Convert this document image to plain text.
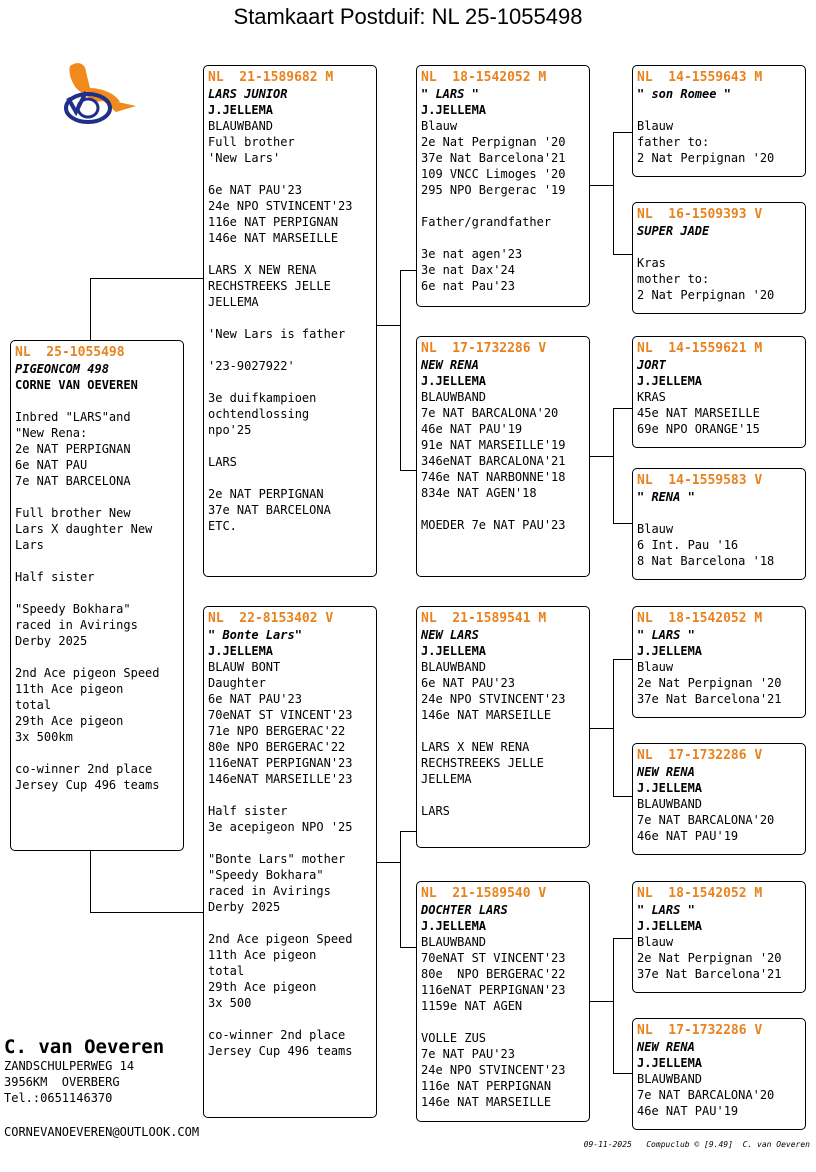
Stamkaart Postduif: NL 25-1055498
NL  25-1055498
PIGEONCOM 498
CORNE VAN OEVEREN

Inbred "LARS"and
"New Rena:
2e NAT PERPIGNAN
6e NAT PAU
7e NAT BARCELONA

Full brother New
Lars X daughter New
Lars

Half sister

"Speedy Bokhara"
raced in Avirings
Derby 2025

2nd Ace pigeon Speed
11th Ace pigeon
total
29th Ace pigeon
3x 500km

co-winner 2nd place
Jersey Cup 496 teams
NL  21-1589682 M
LARS JUNIOR
J.JELLEMA
BLAUWBAND
Full brother
'New Lars'

6e NAT PAU'23
24e NPO STVINCENT'23
116e NAT PERPIGNAN
146e NAT MARSEILLE

LARS X NEW RENA
RECHSTREEKS JELLE
JELLEMA

'New Lars is father

'23-9027922'

3e duifkampioen
ochtendlossing
npo'25

LARS

2e NAT PERPIGNAN
37e NAT BARCELONA
ETC.
NL  22-8153402 V
" Bonte Lars"
J.JELLEMA
BLAUW BONT
Daughter
6e NAT PAU'23
70eNAT ST VINCENT'23
71e NPO BERGERAC'22
80e NPO BERGERAC'22
116eNAT PERPIGNAN'23
146eNAT MARSEILLE'23

Half sister
3e acepigeon NPO '25

"Bonte Lars" mother
"Speedy Bokhara"
raced in Avirings
Derby 2025

2nd Ace pigeon Speed
11th Ace pigeon
total
29th Ace pigeon
3x 500

co-winner 2nd place
Jersey Cup 496 teams
NL  18-1542052 M
" LARS "
J.JELLEMA
Blauw
2e Nat Perpignan '20
37e Nat Barcelona'21
109 VNCC Limoges '20
295 NPO Bergerac '19

Father/grandfather

3e nat agen'23
3e nat Dax'24
6e nat Pau'23
NL  17-1732286 V
NEW RENA
J.JELLEMA
BLAUWBAND
7e NAT BARCALONA'20
46e NAT PAU'19
91e NAT MARSEILLE'19
346eNAT BARCALONA'21
746e NAT NARBONNE'18
834e NAT AGEN'18

MOEDER 7e NAT PAU'23
NL  21-1589541 M
NEW LARS
J.JELLEMA
BLAUWBAND
6e NAT PAU'23
24e NPO STVINCENT'23
146e NAT MARSEILLE

LARS X NEW RENA
RECHSTREEKS JELLE
JELLEMA

LARS
NL  21-1589540 V
DOCHTER LARS
J.JELLEMA
BLAUWBAND
70eNAT ST VINCENT'23
80e  NPO BERGERAC'22
116eNAT PERPIGNAN'23
1159e NAT AGEN

VOLLE ZUS
7e NAT PAU'23
24e NPO STVINCENT'23
116e NAT PERPIGNAN
146e NAT MARSEILLE
NL  14-1559643 M
" son Romee "

Blauw
father to:
2 Nat Perpignan '20
NL  16-1509393 V
SUPER JADE

Kras
mother to:
2 Nat Perpignan '20
NL  14-1559621 M
JORT
J.JELLEMA
KRAS
45e NAT MARSEILLE
69e NPO ORANGE'15
NL  14-1559583 V
" RENA "

Blauw
6 Int. Pau '16
8 Nat Barcelona '18
NL  18-1542052 M
" LARS "
J.JELLEMA
Blauw
2e Nat Perpignan '20
37e Nat Barcelona'21
NL  17-1732286 V
NEW RENA
J.JELLEMA
BLAUWBAND
7e NAT BARCALONA'20
46e NAT PAU'19
NL  18-1542052 M
" LARS "
J.JELLEMA
Blauw
2e Nat Perpignan '20
37e Nat Barcelona'21
NL  17-1732286 V
NEW RENA
J.JELLEMA
BLAUWBAND
7e NAT BARCALONA'20
46e NAT PAU'19
C. van Oeveren
ZANDSCHULPERWEG 14
3956KM  OVERBERG
Tel.:0651146370
CORNEVANOEVEREN@OUTLOOK.COM
09-11-2025   Compuclub © [9.49]  C. van Oeveren
